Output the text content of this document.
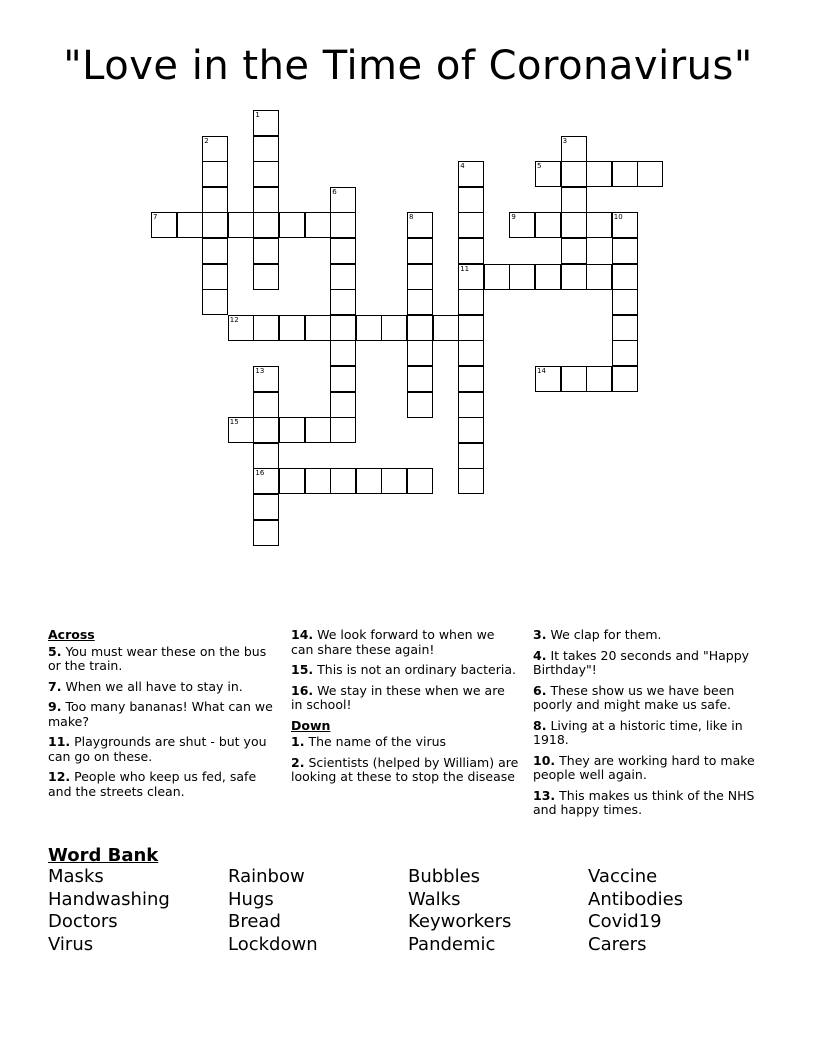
"Love in the Time of Coronavirus"
1
2	3
4
11
5
6
7	8	9	10
12
13
16
14
15
Across
5. You must wear these on the bus or the train.
7. When we all have to stay in.
9. Too many bananas! What can we make?
11. Playgrounds are shut - but you can go on these.
12. People who keep us fed, safe and the streets clean.
14. We look forward to when we can share these again!
15. This is not an ordinary bacteria.
16. We stay in these when we are in school!
Down
1. The name of the virus
2. Scientists (helped by William) are looking at these to stop the disease
3. We clap for them.
4. It takes 20 seconds and "Happy Birthday"!
6. These show us we have been poorly and might make us safe.
8. Living at a historic time, like in 1918.
10. They are working hard to make people well again.
13. This makes us think of the NHS and happy times.
Word Bank
Masks	Rainbow	Bubbles	Vaccine
Handwashing	Hugs	Walks	Antibodies
Doctors	Bread	Keyworkers	Covid19
Virus	Lockdown	Pandemic	Carers
